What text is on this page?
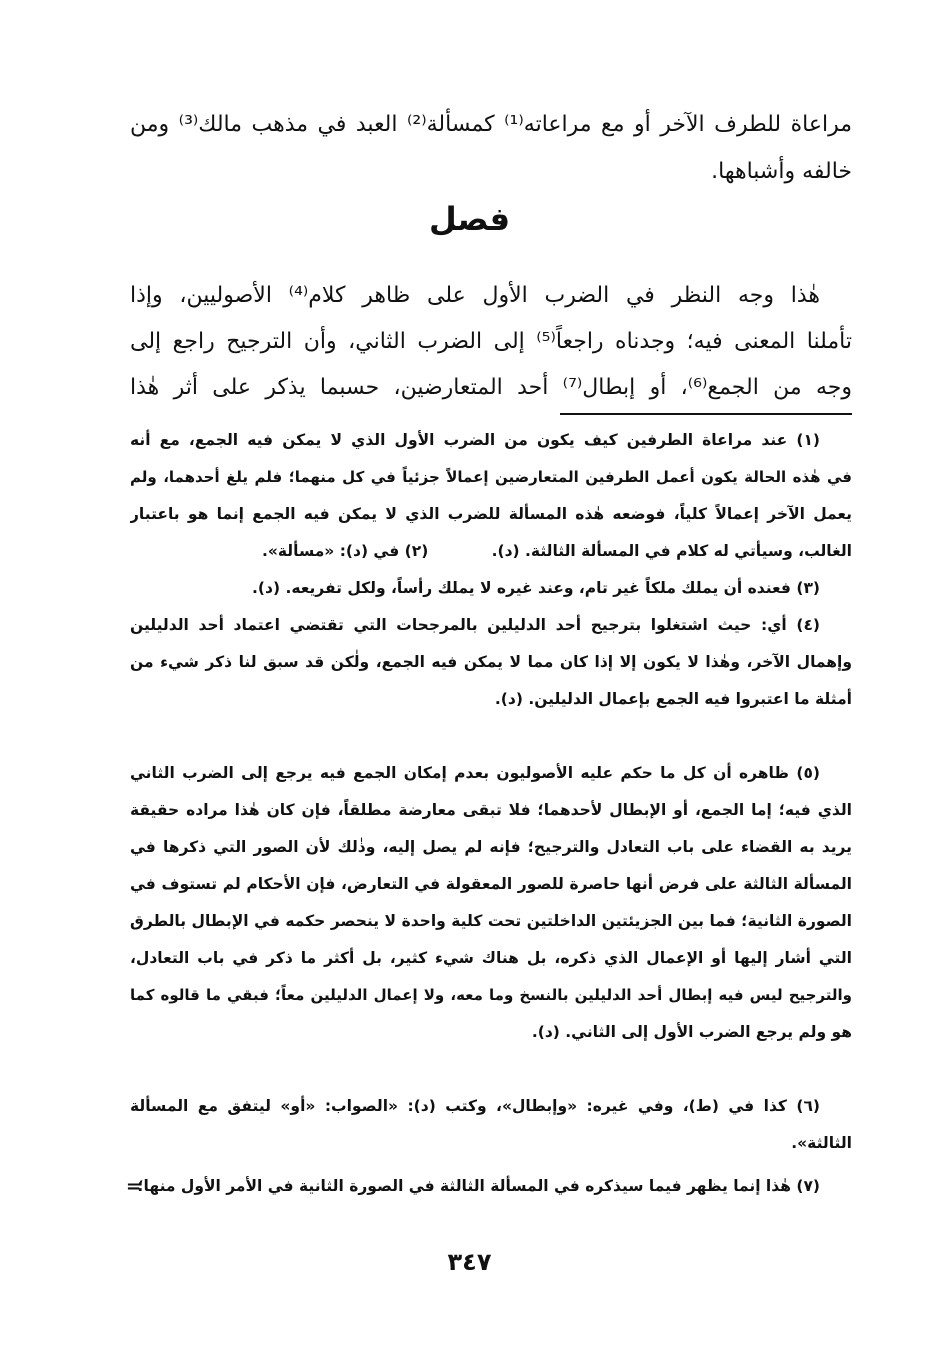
مراعاة للطرف الآخر أو مع مراعاته⁽¹⁾ كمسألة⁽²⁾ العبد في مذهب مالك⁽³⁾ ومن
خالفه وأشباهها.
فصل
هٰذا وجه النظر في الضرب الأول على ظاهر كلام⁽⁴⁾ الأصوليين، وإذا
تأملنا المعنى فيه؛ وجدناه راجعاً⁽⁵⁾ إلى الضرب الثاني، وأن الترجيح راجع إلى
وجه من الجمع⁽⁶⁾، أو إبطال⁽⁷⁾ أحد المتعارضين، حسبما يذكر على أثر هٰذا
(١) عند مراعاة الطرفين كيف يكون من الضرب الأول الذي لا يمكن فيه الجمع، مع أنه
في هٰذه الحالة يكون أعمل الطرفين المتعارضين إعمالاً جزئياً في كل منهما؛ فلم يلغ أحدهما، ولم
يعمل الآخر إعمالاً كلياً، فوضعه هٰذه المسألة للضرب الذي لا يمكن فيه الجمع إنما هو باعتبار
الغالب، وسيأتي له كلام في المسألة الثالثة. (د).
(٢) في (د): «مسألة».
(٣) فعنده أن يملك ملكاً غير تام، وعند غيره لا يملك رأساً، ولكل تفريعه. (د).
(٤) أي: حيث اشتغلوا بترجيح أحد الدليلين بالمرجحات التي تقتضي اعتماد أحد الدليلين
وإهمال الآخر، وهٰذا لا يكون إلا إذا كان مما لا يمكن فيه الجمع، ولٰكن قد سبق لنا ذكر شيء من
أمثلة ما اعتبروا فيه الجمع بإعمال الدليلين. (د).
(٥) ظاهره أن كل ما حكم عليه الأصوليون بعدم إمكان الجمع فيه يرجع إلى الضرب الثاني
الذي فيه؛ إما الجمع، أو الإبطال لأحدهما؛ فلا تبقى معارضة مطلقاً، فإن كان هٰذا مراده حقيقة
يريد به القضاء على باب التعادل والترجيح؛ فإنه لم يصل إليه، وذٰلك لأن الصور التي ذكرها في
المسألة الثالثة على فرض أنها حاصرة للصور المعقولة في التعارض، فإن الأحكام لم تستوف في
الصورة الثانية؛ فما بين الجزيئتين الداخلتين تحت كلية واحدة لا ينحصر حكمه في الإبطال بالطرق
التي أشار إليها أو الإعمال الذي ذكره، بل هناك شيء كثير، بل أكثر ما ذكر في باب التعادل،
والترجيح ليس فيه إبطال أحد الدليلين بالنسخ وما معه، ولا إعمال الدليلين معاً؛ فبقي ما قالوه كما
هو ولم يرجع الضرب الأول إلى الثاني. (د).
(٦) كذا في (ط)، وفي غيره: «وإبطال»، وكتب (د): «الصواب: «أو» ليتفق مع المسألة
الثالثة».
(٧) هٰذا إنما يظهر فيما سيذكره في المسألة الثالثة في الصورة الثانية في الأمر الأول منها؛
=
٣٤٧
